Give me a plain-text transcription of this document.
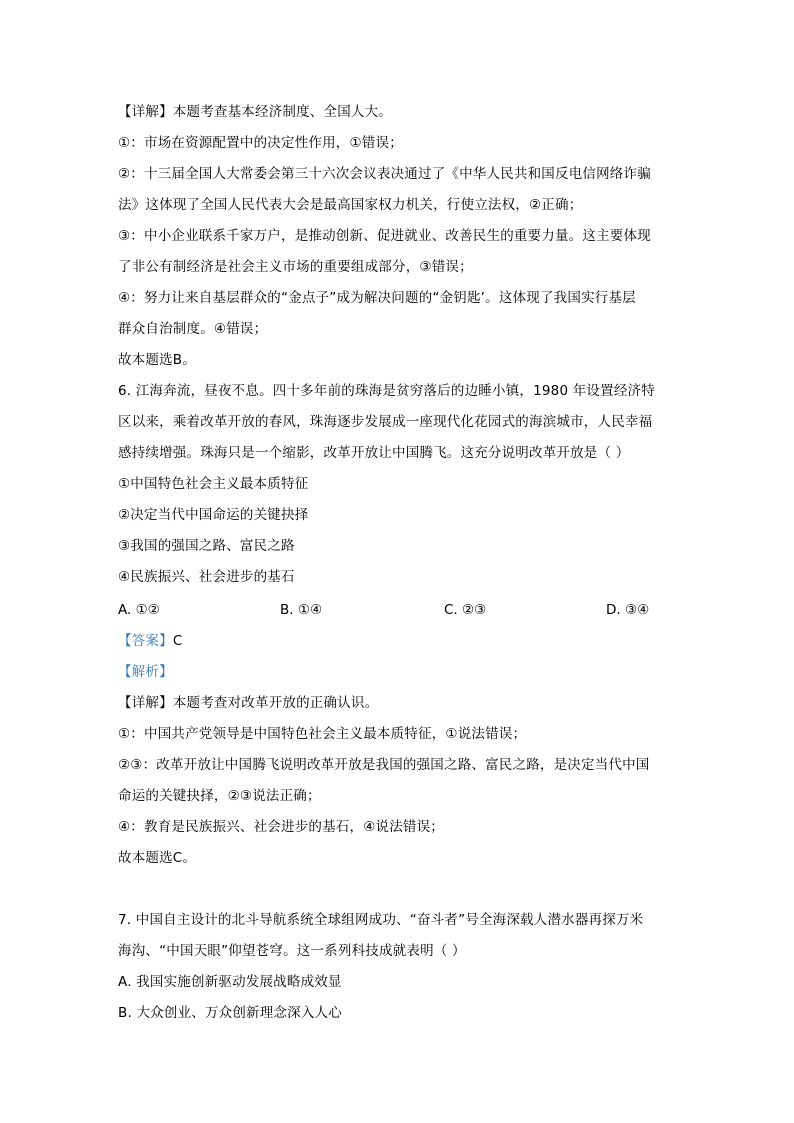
【详解】本题考查基本经济制度、全国人大。
①：市场在资源配置中的决定性作用，①错误；
②：十三届全国人大常委会第三十六次会议表决通过了《中华人民共和国反电信网络诈骗
法》这体现了全国人民代表大会是最高国家权力机关，行使立法权，②正确；
③：中小企业联系千家万户，是推动创新、促进就业、改善民生的重要力量。这主要体现
了非公有制经济是社会主义市场的重要组成部分，③错误；
④：努力让来自基层群众的“金点子”成为解决问题的“金钥匙’。这体现了我国实行基层
群众自治制度。④错误；
故本题选B。
6. 江海奔流，昼夜不息。四十多年前的珠海是贫穷落后的边睡小镇，1980 年设置经济特
区以来，乘着改革开放的春风，珠海逐步发展成一座现代化花园式的海滨城市，人民幸福
感持续增强。珠海只是一个缩影，改革开放让中国腾飞。这充分说明改革开放是（ ）
①中国特色社会主义最本质特征
②决定当代中国命运的关键抉择
③我国的强国之路、富民之路
④民族振兴、社会进步的基石
A. ①②	B. ①④	C. ②③	D. ③④
【答案】C
【解析】
【详解】本题考查对改革开放的正确认识。
①：中国共产党领导是中国特色社会主义最本质特征，①说法错误；
②③：改革开放让中国腾飞说明改革开放是我国的强国之路、富民之路，是决定当代中国
命运的关键抉择，②③说法正确；
④：教育是民族振兴、社会进步的基石，④说法错误；
故本题选C。
7. 中国自主设计的北斗导航系统全球组网成功、“奋斗者”号全海深载人潜水器再探万米
海沟、“中国天眼”仰望苍穹。这一系列科技成就表明（ ）
A. 我国实施创新驱动发展战略成效显
B. 大众创业、万众创新理念深入人心
